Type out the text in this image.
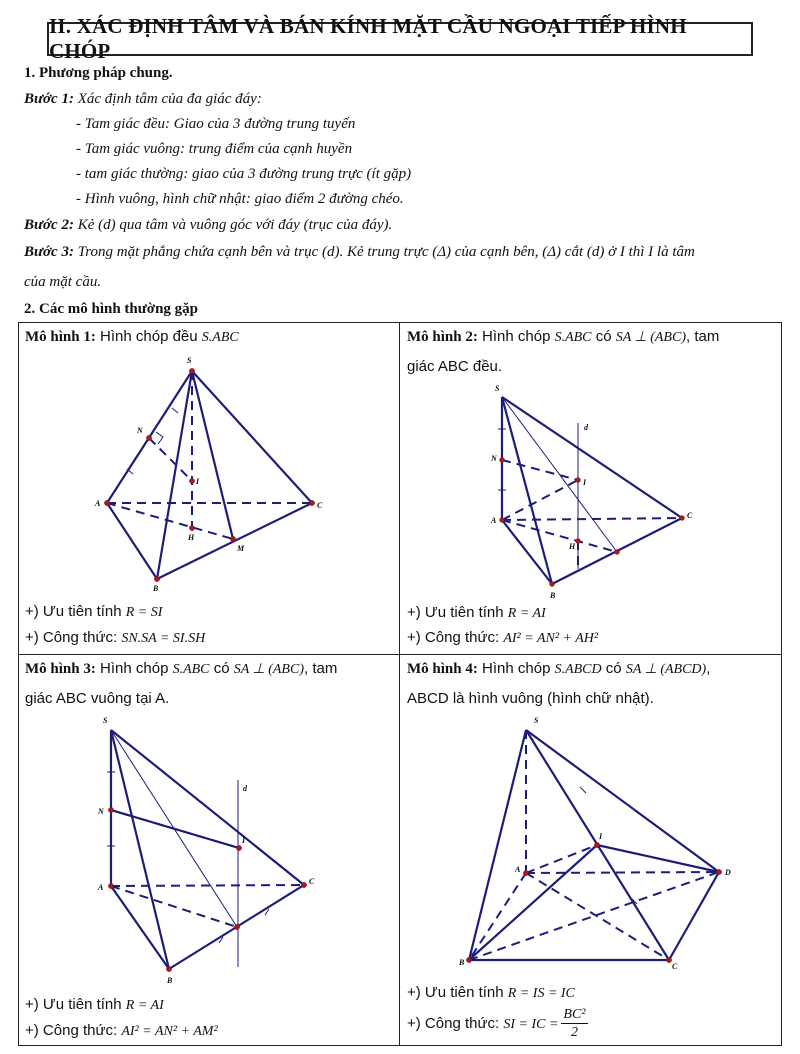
II. XÁC ĐỊNH TÂM VÀ BÁN KÍNH MẶT CẦU NGOẠI TIẾP HÌNH CHÓP
1. Phương pháp chung.
Bước 1: Xác định tâm của đa giác đáy:
- Tam giác đều: Giao của 3 đường trung tuyến
- Tam giác vuông: trung điểm của cạnh huyền
- tam giác thường: giao của 3 đường trung trực (ít gặp)
- Hình vuông, hình chữ nhật: giao điểm 2 đường chéo.
Bước 2: Kẻ (d) qua tâm và vuông góc với đáy (trục của đáy).
Bước 3: Trong mặt phẳng chứa cạnh bên và trục (d). Kẻ trung trực (Δ) của cạnh bên, (Δ) cắt (d) ở I thì I là tâm
của mặt cầu.
2. Các mô hình thường gặp
Mô hình 1: Hình chóp đều S.ABC
S
N
I
A	C
H
M
B
+) Ưu tiên tính R = SI
+) Công thức: SN.SA = SI.SH
Mô hình 2: Hình chóp S.ABC có SA ⊥ (ABC), tam
giác ABC đều.
S
d
N
I
A
C
H
B
+) Ưu tiên tính R = AI
+) Công thức: AI² = AN² + AH²
Mô hình 3: Hình chóp S.ABC có SA ⊥ (ABC), tam
giác ABC vuông tại A.
S
d
N
I
A
C
B
+) Ưu tiên tính R = AI
+) Công thức: AI² = AN² + AM²
Mô hình 4: Hình chóp S.ABCD có SA ⊥ (ABCD),
ABCD là hình vuông (hình chữ nhật).
S
I
A	D
B	C
+) Ưu tiên tính R = IS = IC
+) Công thức: SI = IC = $\frac{\text{BC²}}{2}$
